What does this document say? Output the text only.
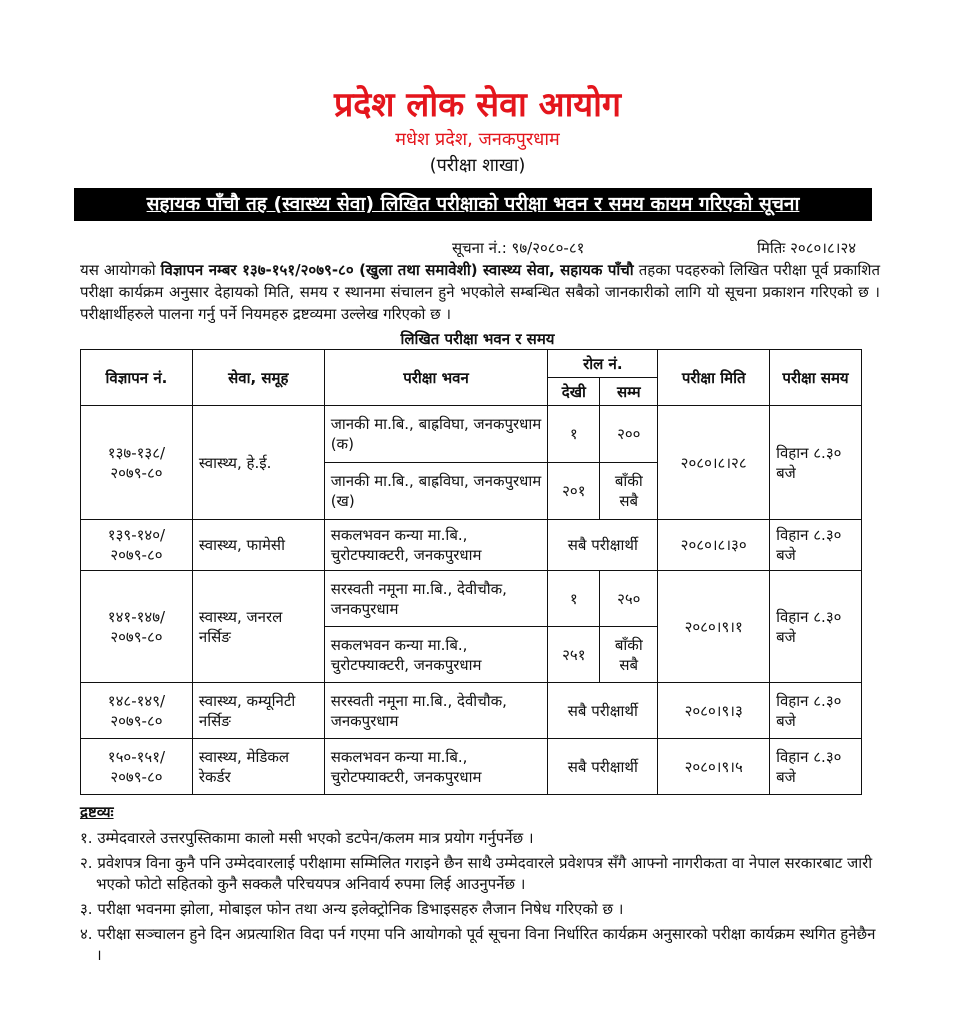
प्रदेश लोक सेवा आयोग
मधेश प्रदेश, जनकपुरधाम
(परीक्षा शाखा)
सहायक पाँचौ तह (स्वास्थ्य सेवा) लिखित परीक्षाको परीक्षा भवन र समय कायम गरिएको सूचना
सूचना नं.: ९७/२०८०-८१	मितिः २०८०।८।२४
यस आयोगको विज्ञापन नम्बर १३७-१५१/२०७९-८० (खुला तथा समावेशी) स्वास्थ्य सेवा, सहायक पाँचौ तहका पदहरुको लिखित परीक्षा पूर्व प्रकाशित परीक्षा कार्यक्रम अनुसार देहायको मिति, समय र स्थानमा संचालन हुने भएकोले सम्बन्धित सबैको जानकारीको लागि यो सूचना प्रकाशन गरिएको छ । परीक्षार्थीहरुले पालना गर्नु पर्ने नियमहरु द्रष्टव्यमा उल्लेख गरिएको छ ।
लिखित परीक्षा भवन र समय
विज्ञापन नं.	सेवा, समूह	परीक्षा भवन	रोल नं.		परीक्षा मिति	परीक्षा समय
			देखी	सम्म		
१३७-१३८/ २०७९-८०	स्वास्थ्य, हे.ई.	जानकी मा.बि., बाह्रविघा, जनकपुरधाम (क)	१	२००	२०८०।८।२८	विहान ८.३० बजे
		जानकी मा.बि., बाह्रविघा, जनकपुरधाम (ख)	२०१	बाँकी सबै		
१३९-१४०/ २०७९-८०	स्वास्थ्य, फामेसी	सकलभवन कन्या मा.बि., चुरोटफ्याक्टरी, जनकपुरधाम	सबै परीक्षार्थी		२०८०।८।३०	विहान ८.३० बजे
१४१-१४७/ २०७९-८०	स्वास्थ्य, जनरल नर्सिङ	सरस्वती नमूना मा.बि., देवीचौक, जनकपुरधाम	१	२५०	२०८०।९।१	विहान ८.३० बजे
		सकलभवन कन्या मा.बि., चुरोटफ्याक्टरी, जनकपुरधाम	२५१	बाँकी सबै		
१४८-१४९/ २०७९-८०	स्वास्थ्य, कम्यूनिटी नर्सिङ	सरस्वती नमूना मा.बि., देवीचौक, जनकपुरधाम	सबै परीक्षार्थी		२०८०।९।३	विहान ८.३० बजे
१५०-१५१/ २०७९-८०	स्वास्थ्य, मेडिकल रेकर्डर	सकलभवन कन्या मा.बि., चुरोटफ्याक्टरी, जनकपुरधाम	सबै परीक्षार्थी		२०८०।९।५	विहान ८.३० बजे
द्रष्टव्यः
१. उम्मेदवारले उत्तरपुस्तिकामा कालो मसी भएको डटपेन/कलम मात्र प्रयोग गर्नुपर्नेछ ।
२. प्रवेशपत्र विना कुनै पनि उम्मेदवारलाई परीक्षामा सम्मिलित गराइने छैन साथै उम्मेदवारले प्रवेशपत्र सँगै आफ्नो नागरीकता वा नेपाल सरकारबाट जारी भएको फोटो सहितको कुनै सक्कलै परिचयपत्र अनिवार्य रुपमा लिई आउनुपर्नेछ ।
३. परीक्षा भवनमा झोला, मोबाइल फोन तथा अन्य इलेक्ट्रोनिक डिभाइसहरु लैजान निषेध गरिएको छ ।
४. परीक्षा सञ्चालन हुने दिन अप्रत्याशित विदा पर्न गएमा पनि आयोगको पूर्व सूचना विना निर्धारित कार्यक्रम अनुसारको परीक्षा कार्यक्रम स्थगित हुनेछैन ।
